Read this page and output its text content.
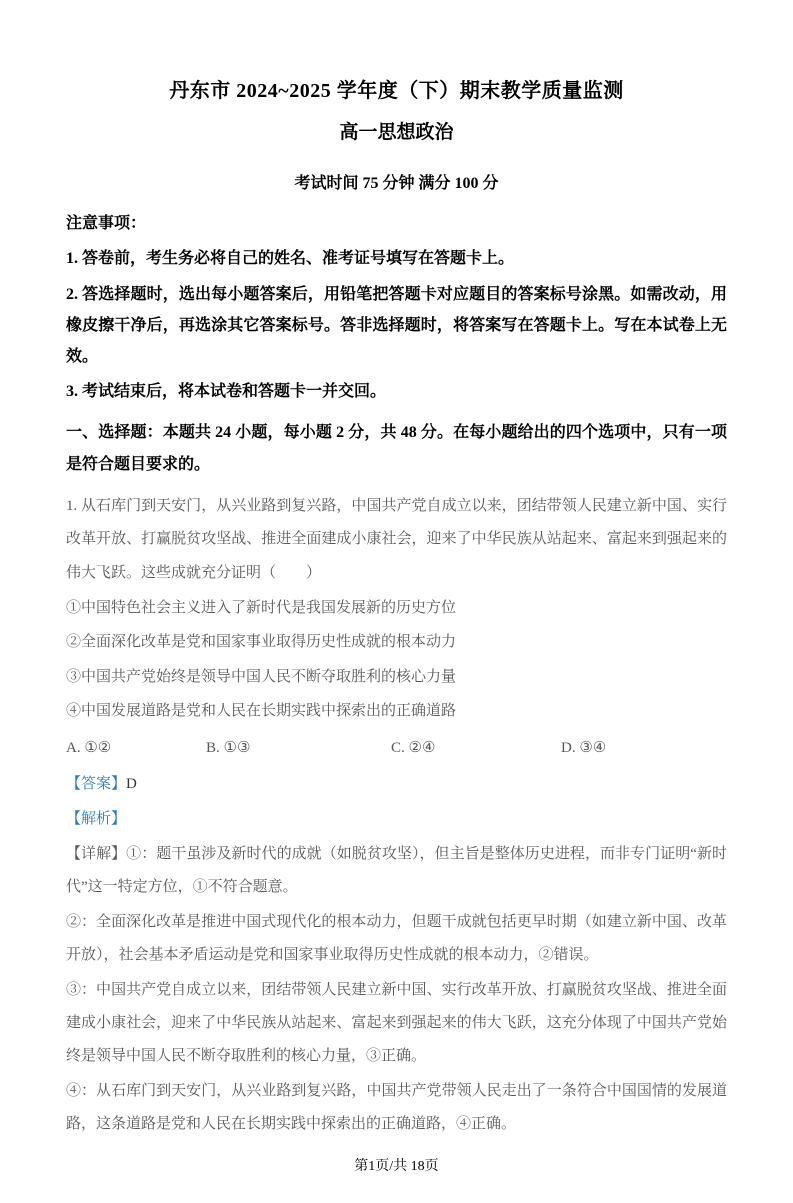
丹东市 2024~2025 学年度（下）期末教学质量监测
高一思想政治
考试时间 75 分钟 满分 100 分
注意事项：
1. 答卷前，考生务必将自己的姓名、准考证号填写在答题卡上。
2. 答选择题时，选出每小题答案后，用铅笔把答题卡对应题目的答案标号涂黑。如需改动，用橡皮擦干净后，再选涂其它答案标号。答非选择题时，将答案写在答题卡上。写在本试卷上无效。
3. 考试结束后，将本试卷和答题卡一并交回。
一、选择题：本题共 24 小题，每小题 2 分，共 48 分。在每小题给出的四个选项中，只有一项是符合题目要求的。
1. 从石库门到天安门，从兴业路到复兴路，中国共产党自成立以来，团结带领人民建立新中国、实行改革开放、打赢脱贫攻坚战、推进全面建成小康社会，迎来了中华民族从站起来、富起来到强起来的伟大飞跃。这些成就充分证明（　　）
①中国特色社会主义进入了新时代是我国发展新的历史方位
②全面深化改革是党和国家事业取得历史性成就的根本动力
③中国共产党始终是领导中国人民不断夺取胜利的核心力量
④中国发展道路是党和人民在长期实践中探索出的正确道路
A. ①②	B. ①③	C. ②④	D. ③④
【答案】D
【解析】
【详解】①：题干虽涉及新时代的成就（如脱贫攻坚），但主旨是整体历史进程，而非专门证明“新时代”这一特定方位，①不符合题意。
②：全面深化改革是推进中国式现代化的根本动力，但题干成就包括更早时期（如建立新中国、改革开放），社会基本矛盾运动是党和国家事业取得历史性成就的根本动力，②错误。
③：中国共产党自成立以来，团结带领人民建立新中国、实行改革开放、打赢脱贫攻坚战、推进全面建成小康社会，迎来了中华民族从站起来、富起来到强起来的伟大飞跃，这充分体现了中国共产党始终是领导中国人民不断夺取胜利的核心力量，③正确。
④：从石库门到天安门，从兴业路到复兴路，中国共产党带领人民走出了一条符合中国国情的发展道路，这条道路是党和人民在长期实践中探索出的正确道路，④正确。
第1页/共 18页
